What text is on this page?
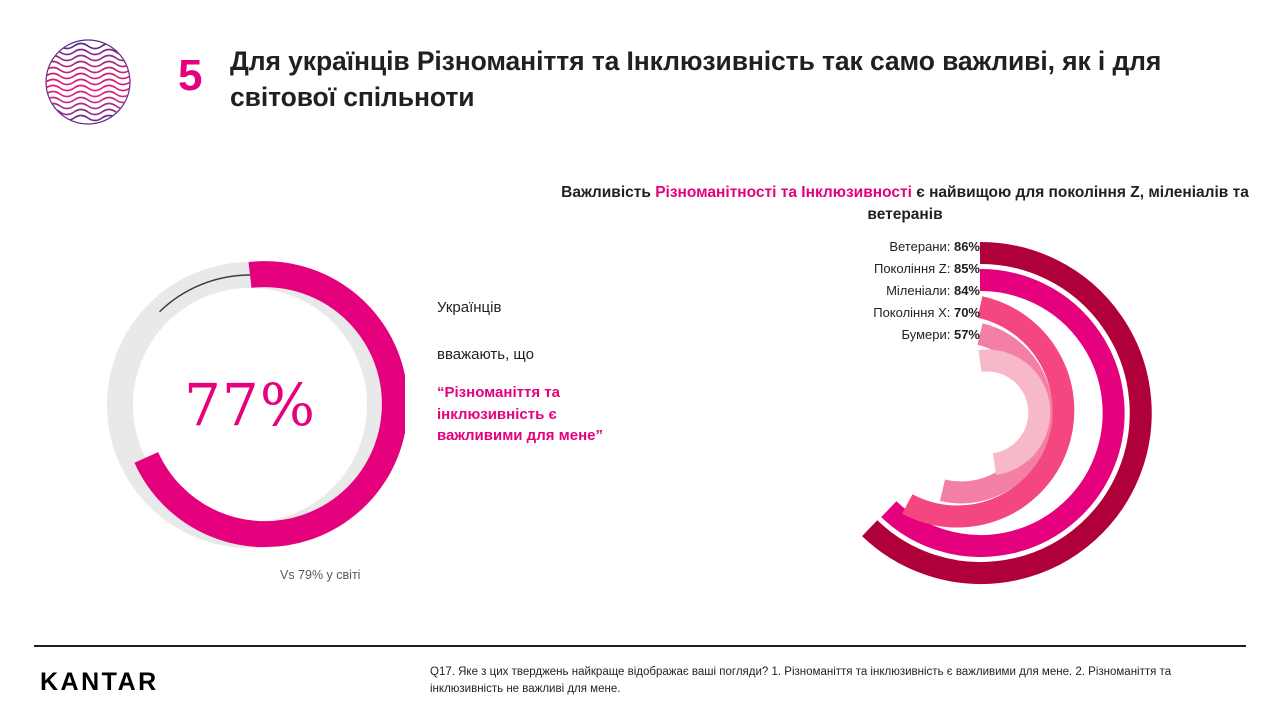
5 Для українців Різноманіття та Інклюзивність так само важливі, як і для світової спільноти
77%
Vs 79% у світі
Українців

вважають, що
“Різноманіття та інклюзивність є важливими для мене”
Важливість Різноманітності та Інклюзивності є найвищою для покоління Z, міленіалів та ветеранів
Ветерани: 86%
Покоління Z: 85%
Міленіали: 84%
Покоління X: 70%
Бумери: 57%
KANTAR	Q17. Яке з цих тверджень найкраще відображає ваші погляди? 1. Різноманіття та інклюзивність є важливими для мене. 2. Різноманіття та інклюзивність не важливі для мене.
